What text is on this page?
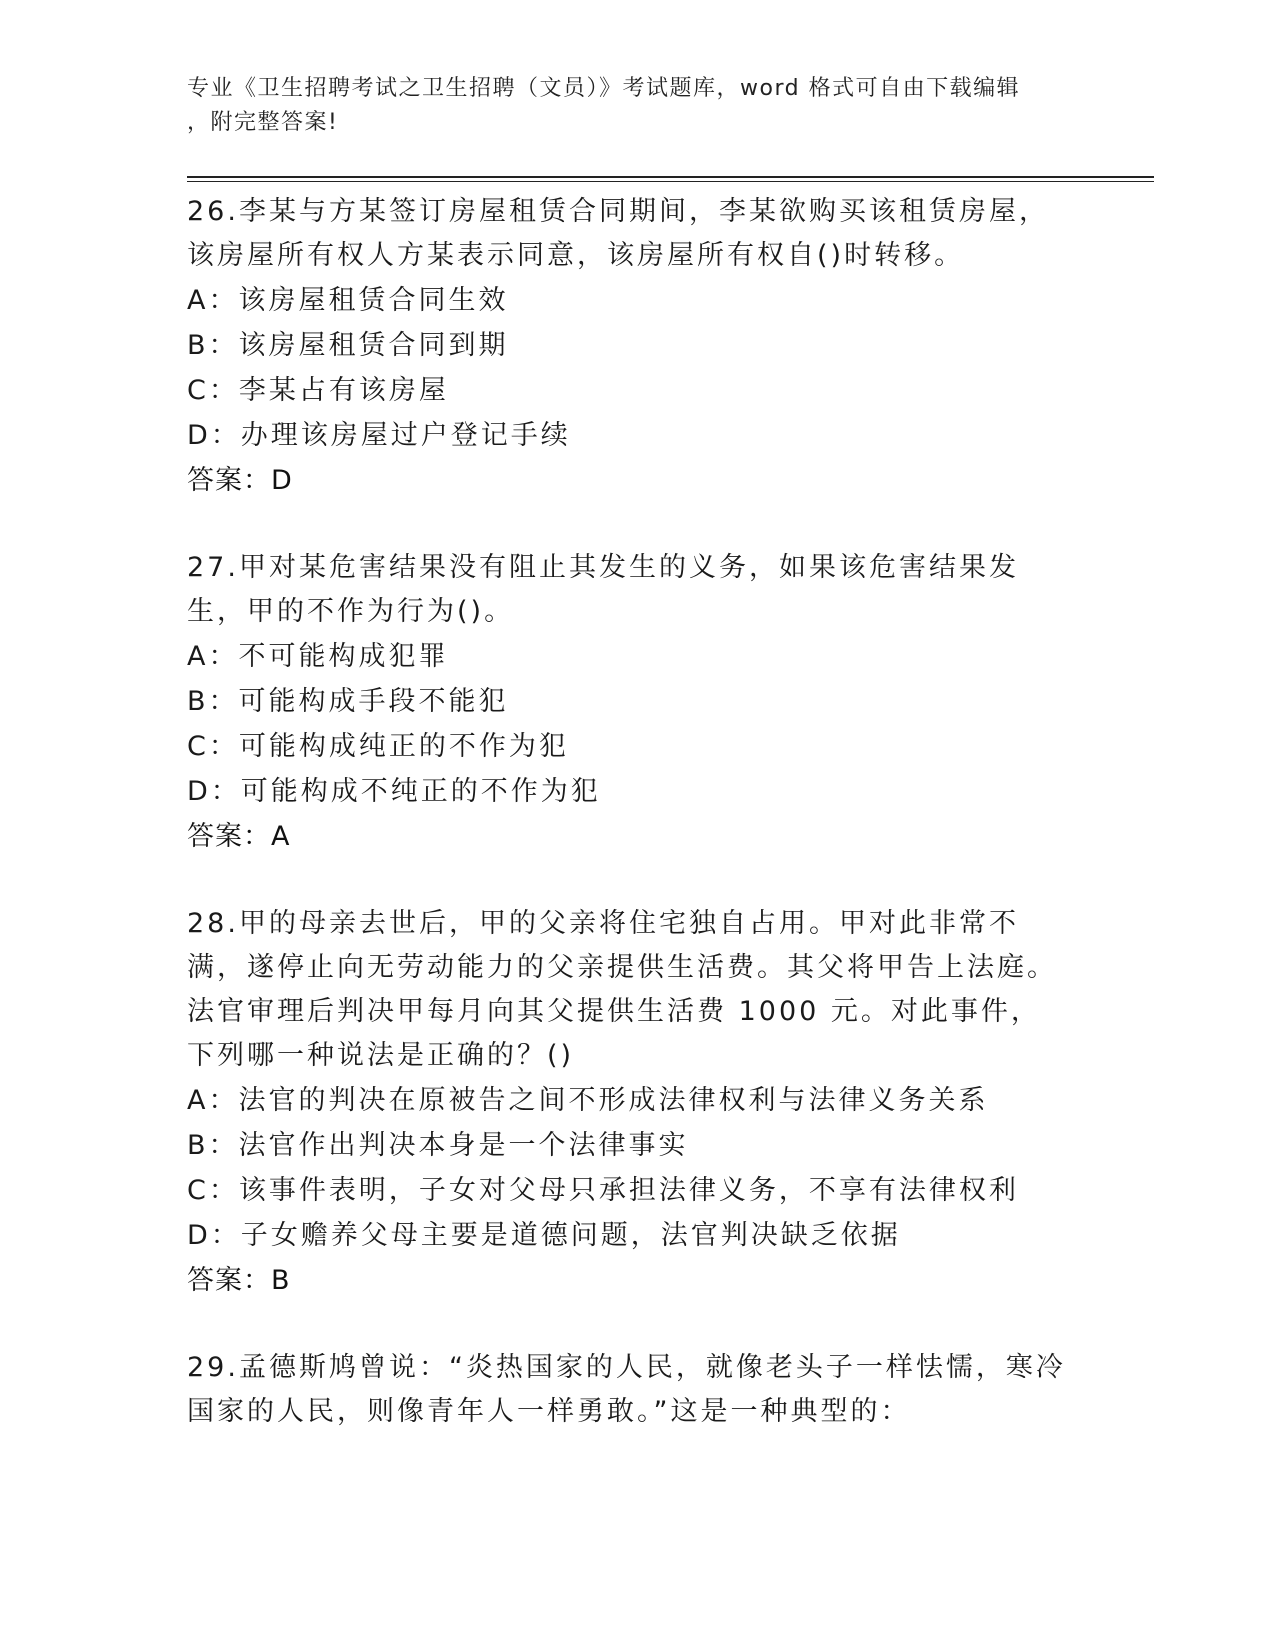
专业《卫生招聘考试之卫生招聘（文员）》考试题库，word 格式可自由下载编辑
，附完整答案!

26.李某与方某签订房屋租赁合同期间，李某欲购买该租赁房屋，该房屋所有权人方某表示同意，该房屋所有权自()时转移。

A：该房屋租赁合同生效

B：该房屋租赁合同到期

C：李某占有该房屋

D：办理该房屋过户登记手续

答案：D

27.甲对某危害结果没有阻止其发生的义务，如果该危害结果发生，甲的不作为行为()。

A：不可能构成犯罪

B：可能构成手段不能犯

C：可能构成纯正的不作为犯

D：可能构成不纯正的不作为犯

答案：A

28.甲的母亲去世后，甲的父亲将住宅独自占用。甲对此非常不满，遂停止向无劳动能力的父亲提供生活费。其父将甲告上法庭。法官审理后判决甲每月向其父提供生活费 1000 元。对此事件，下列哪一种说法是正确的？()

A：法官的判决在原被告之间不形成法律权利与法律义务关系

B：法官作出判决本身是一个法律事实

C：该事件表明，子女对父母只承担法律义务，不享有法律权利

D：子女赡养父母主要是道德问题，法官判决缺乏依据

答案：B

29.孟德斯鸠曾说：“炎热国家的人民，就像老头子一样怯懦，寒冷国家的人民，则像青年人一样勇敢。”这是一种典型的：
